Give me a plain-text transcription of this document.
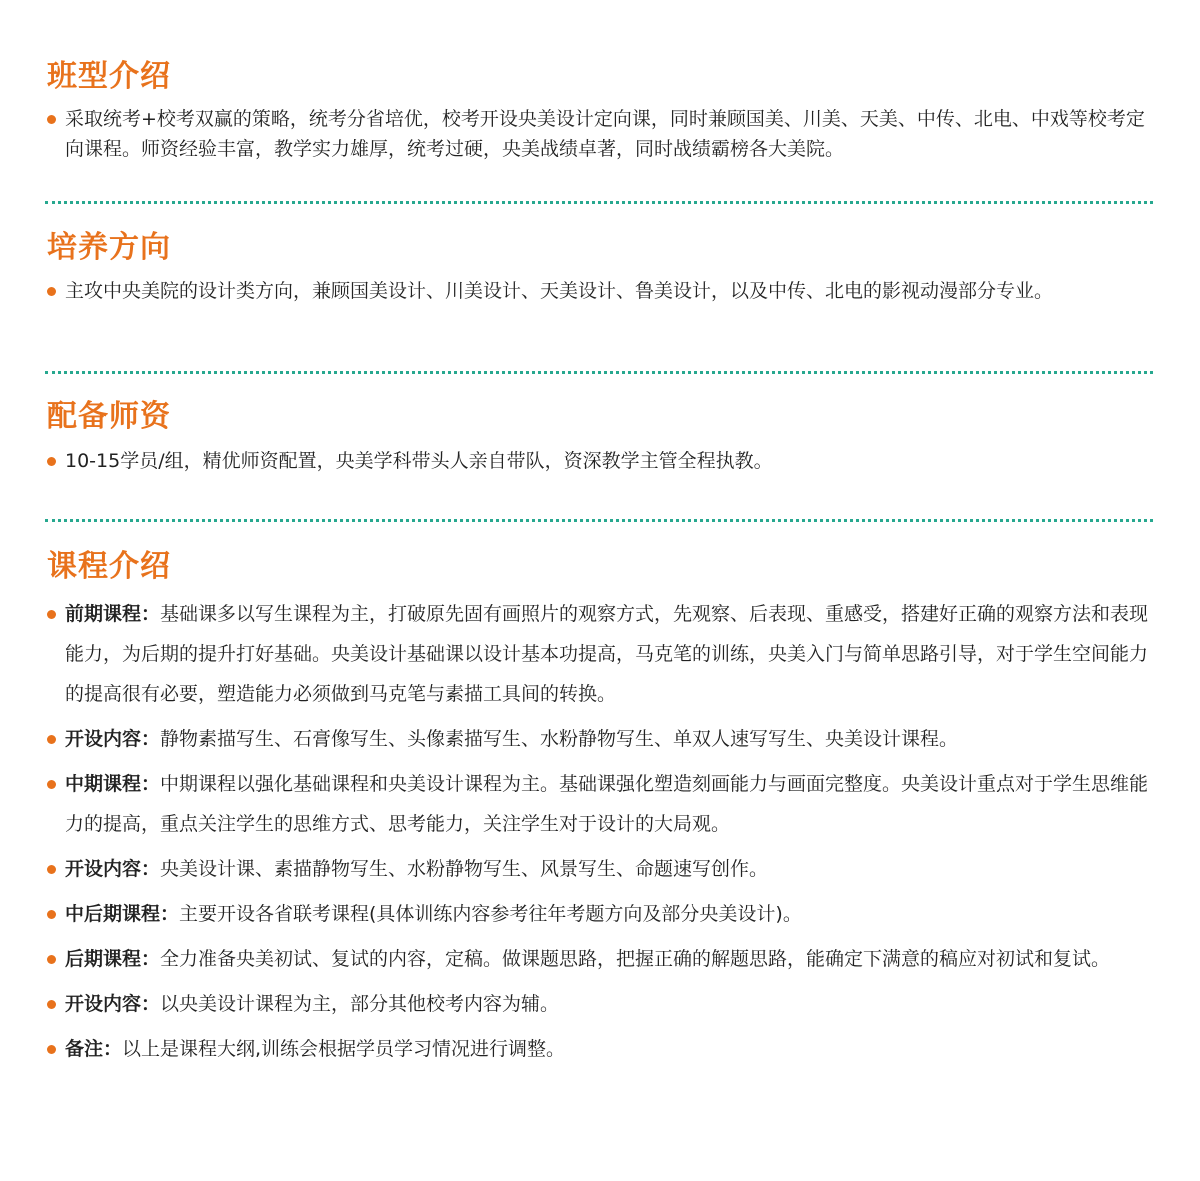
班型介绍
采取统考+校考双赢的策略，统考分省培优，校考开设央美设计定向课，同时兼顾国美、川美、天美、中传、北电、中戏等校考定向课程。师资经验丰富，教学实力雄厚，统考过硬，央美战绩卓著，同时战绩霸榜各大美院。
培养方向
主攻中央美院的设计类方向，兼顾国美设计、川美设计、天美设计、鲁美设计，以及中传、北电的影视动漫部分专业。
配备师资
10-15学员/组，精优师资配置，央美学科带头人亲自带队，资深教学主管全程执教。
课程介绍
前期课程：基础课多以写生课程为主，打破原先固有画照片的观察方式，先观察、后表现、重感受，搭建好正确的观察方法和表现能力，为后期的提升打好基础。央美设计基础课以设计基本功提高，马克笔的训练，央美入门与简单思路引导，对于学生空间能力的提高很有必要，塑造能力必须做到马克笔与素描工具间的转换。
开设内容：静物素描写生、石膏像写生、头像素描写生、水粉静物写生、单双人速写写生、央美设计课程。
中期课程：中期课程以强化基础课程和央美设计课程为主。基础课强化塑造刻画能力与画面完整度。央美设计重点对于学生思维能力的提高，重点关注学生的思维方式、思考能力，关注学生对于设计的大局观。
开设内容：央美设计课、素描静物写生、水粉静物写生、风景写生、命题速写创作。
中后期课程：主要开设各省联考课程(具体训练内容参考往年考题方向及部分央美设计)。
后期课程：全力准备央美初试、复试的内容，定稿。做课题思路，把握正确的解题思路，能确定下满意的稿应对初试和复试。
开设内容：以央美设计课程为主，部分其他校考内容为辅。
备注：以上是课程大纲,训练会根据学员学习情况进行调整。
